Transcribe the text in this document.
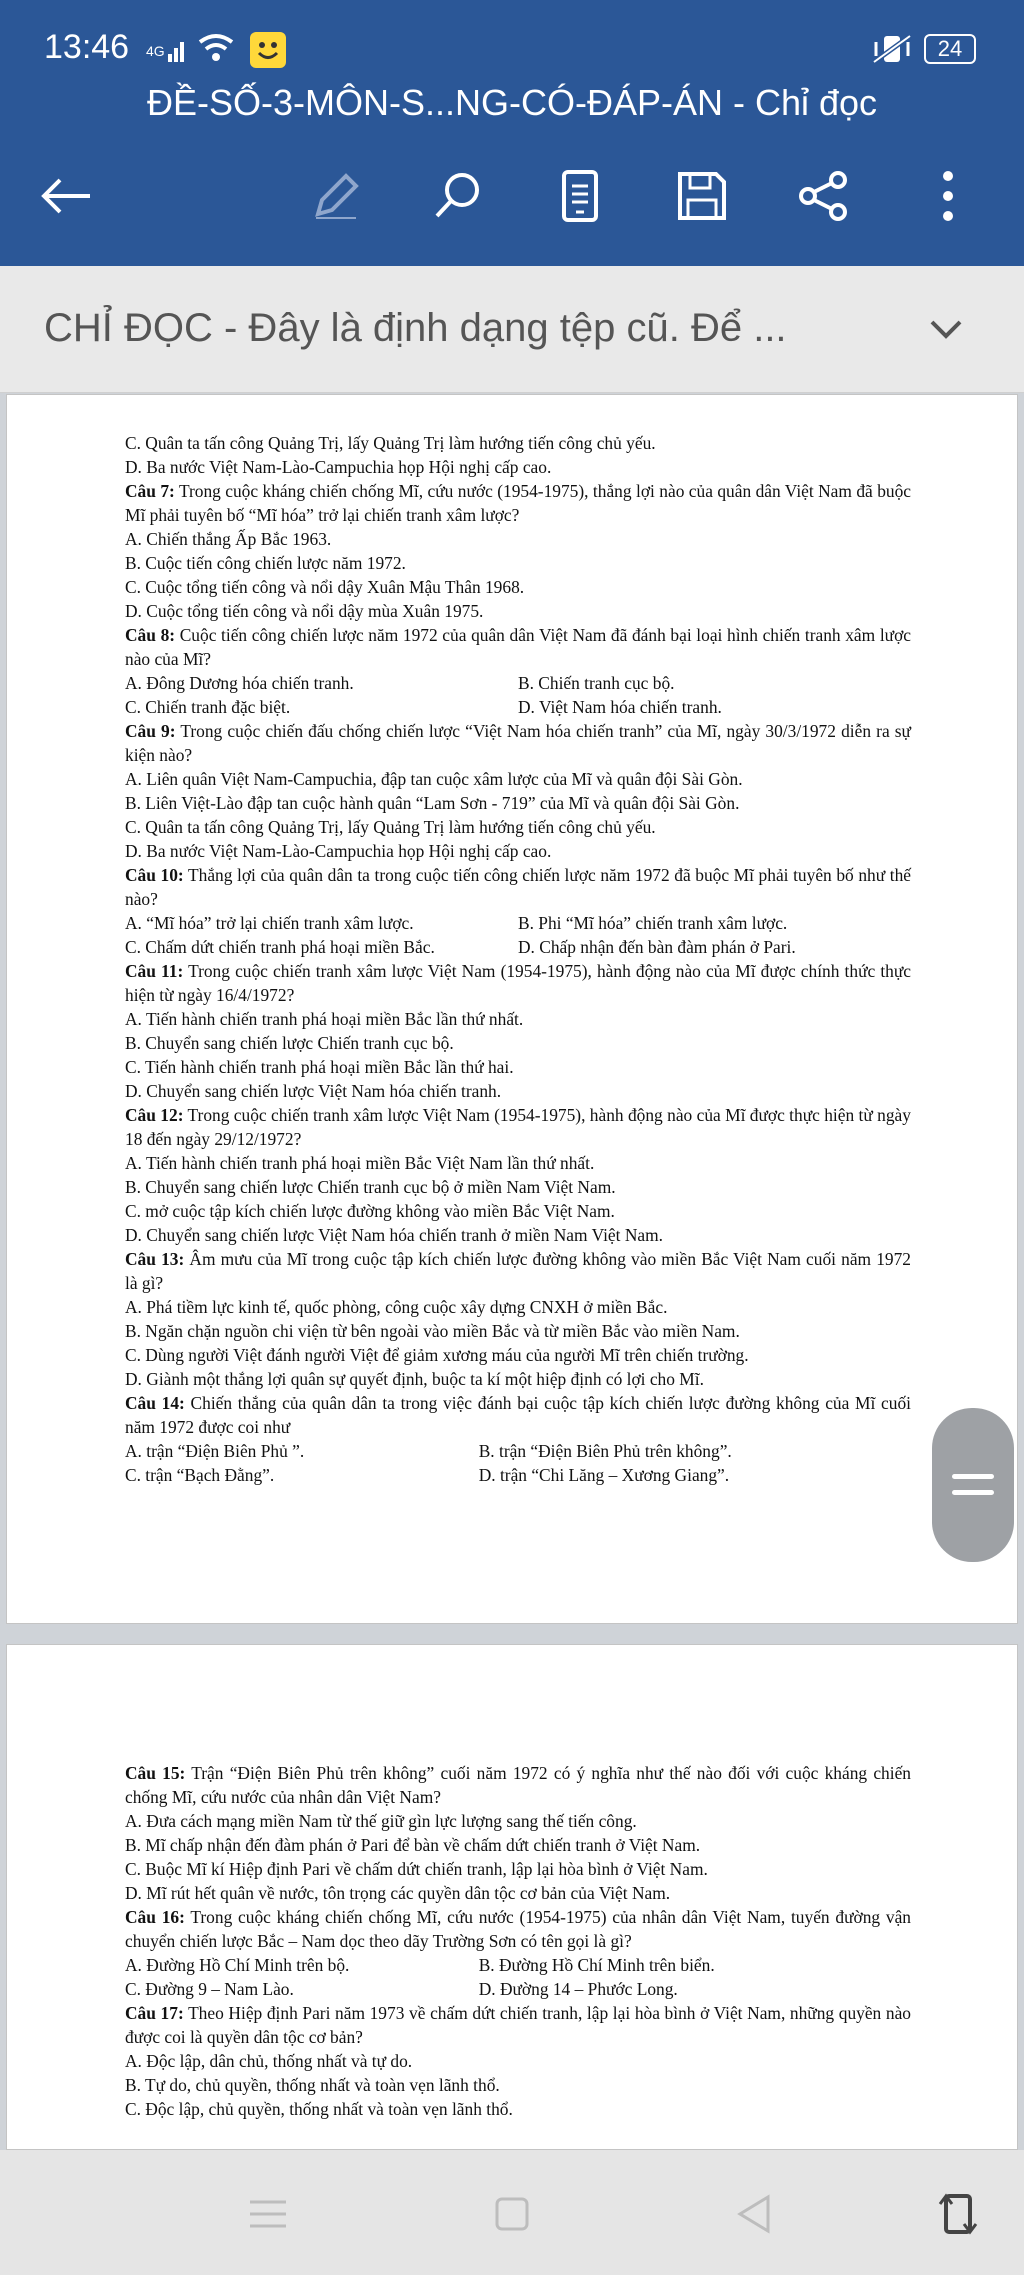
13:46 4G	24
ĐỀ-SỐ-3-MÔN-S...NG-CÓ-ĐÁP-ÁN - Chỉ đọc
CHỈ ĐỌC - Đây là định dạng tệp cũ. Để ...

C. Quân ta tấn công Quảng Trị, lấy Quảng Trị làm hướng tiến công chủ yếu.

D. Ba nước Việt Nam-Lào-Campuchia họp Hội nghị cấp cao.

Câu 7: Trong cuộc kháng chiến chống Mĩ, cứu nước (1954-1975), thắng lợi nào của quân dân Việt Nam đã buộc Mĩ phải tuyên bố “Mĩ hóa” trở lại chiến tranh xâm lược?

A. Chiến thắng Ấp Bắc 1963.

B. Cuộc tiến công chiến lược năm 1972.

C. Cuộc tổng tiến công và nổi dậy Xuân Mậu Thân 1968.

D. Cuộc tổng tiến công và nổi dậy mùa Xuân 1975.

Câu 8: Cuộc tiến công chiến lược năm 1972 của quân dân Việt Nam đã đánh bại loại hình chiến tranh xâm lược nào của Mĩ?

A. Đông Dương hóa chiến tranh.	B. Chiến tranh cục bộ.
C. Chiến tranh đặc biệt.	D. Việt Nam hóa chiến tranh.

Câu 9: Trong cuộc chiến đấu chống chiến lược “Việt Nam hóa chiến tranh” của Mĩ, ngày 30/3/1972 diễn ra sự kiện nào?

A. Liên quân Việt Nam-Campuchia, đập tan cuộc xâm lược của Mĩ và quân đội Sài Gòn.

B. Liên Việt-Lào đập tan cuộc hành quân “Lam Sơn - 719” của Mĩ và quân đội Sài Gòn.

C. Quân ta tấn công Quảng Trị, lấy Quảng Trị làm hướng tiến công chủ yếu.

D. Ba nước Việt Nam-Lào-Campuchia họp Hội nghị cấp cao.

Câu 10: Thắng lợi của quân dân ta trong cuộc tiến công chiến lược năm 1972 đã buộc Mĩ phải tuyên bố như thế nào?

A. “Mĩ hóa” trở lại chiến tranh xâm lược.	B. Phi “Mĩ hóa” chiến tranh xâm lược.
C. Chấm dứt chiến tranh phá hoại miền Bắc.	D. Chấp nhận đến bàn đàm phán ở Pari.

Câu 11: Trong cuộc chiến tranh xâm lược Việt Nam (1954-1975), hành động nào của Mĩ được chính thức thực hiện từ ngày 16/4/1972?

A. Tiến hành chiến tranh phá hoại miền Bắc lần thứ nhất.

B. Chuyển sang chiến lược Chiến tranh cục bộ.

C. Tiến hành chiến tranh phá hoại miền Bắc lần thứ hai.

D. Chuyển sang chiến lược Việt Nam hóa chiến tranh.

Câu 12: Trong cuộc chiến tranh xâm lược Việt Nam (1954-1975), hành động nào của Mĩ được thực hiện từ ngày 18 đến ngày 29/12/1972?

A. Tiến hành chiến tranh phá hoại miền Bắc Việt Nam lần thứ nhất.

B. Chuyển sang chiến lược Chiến tranh cục bộ ở miền Nam Việt Nam.

C. mở cuộc tập kích chiến lược đường không vào miền Bắc Việt Nam.

D. Chuyển sang chiến lược Việt Nam hóa chiến tranh ở miền Nam Việt Nam.

Câu 13: Âm mưu của Mĩ trong cuộc tập kích chiến lược đường không vào miền Bắc Việt Nam cuối năm 1972 là gì?

A. Phá tiềm lực kinh tế, quốc phòng, công cuộc xây dựng CNXH ở miền Bắc.

B. Ngăn chặn nguồn chi viện từ bên ngoài vào miền Bắc và từ miền Bắc vào miền Nam.

C. Dùng người Việt đánh người Việt để giảm xương máu của người Mĩ trên chiến trường.

D. Giành một thắng lợi quân sự quyết định, buộc ta kí một hiệp định có lợi cho Mĩ.

Câu 14: Chiến thắng của quân dân ta trong việc đánh bại cuộc tập kích chiến lược đường không của Mĩ cuối năm 1972 được coi như

A. trận “Điện Biên Phủ ”.	B. trận “Điện Biên Phủ trên không”.
C. trận “Bạch Đằng”.	D. trận “Chi Lăng – Xương Giang”.

Câu 15: Trận “Điện Biên Phủ trên không” cuối năm 1972 có ý nghĩa như thế nào đối với cuộc kháng chiến chống Mĩ, cứu nước của nhân dân Việt Nam?

A. Đưa cách mạng miền Nam từ thế giữ gìn lực lượng sang thế tiến công.

B. Mĩ chấp nhận đến đàm phán ở Pari để bàn về chấm dứt chiến tranh ở Việt Nam.

C. Buộc Mĩ kí Hiệp định Pari về chấm dứt chiến tranh, lập lại hòa bình ở Việt Nam.

D. Mĩ rút hết quân về nước, tôn trọng các quyền dân tộc cơ bản của Việt Nam.

Câu 16: Trong cuộc kháng chiến chống Mĩ, cứu nước (1954-1975) của nhân dân Việt Nam, tuyến đường vận chuyển chiến lược Bắc – Nam dọc theo dãy Trường Sơn có tên gọi là gì?

A. Đường Hồ Chí Minh trên bộ.	B. Đường Hồ Chí Minh trên biển.
C. Đường 9 – Nam Lào.	D. Đường 14 – Phước Long.

Câu 17: Theo Hiệp định Pari năm 1973 về chấm dứt chiến tranh, lập lại hòa bình ở Việt Nam, những quyền nào được coi là quyền dân tộc cơ bản?

A. Độc lập, dân chủ, thống nhất và tự do.

B. Tự do, chủ quyền, thống nhất và toàn vẹn lãnh thổ.

C. Độc lập, chủ quyền, thống nhất và toàn vẹn lãnh thổ.
